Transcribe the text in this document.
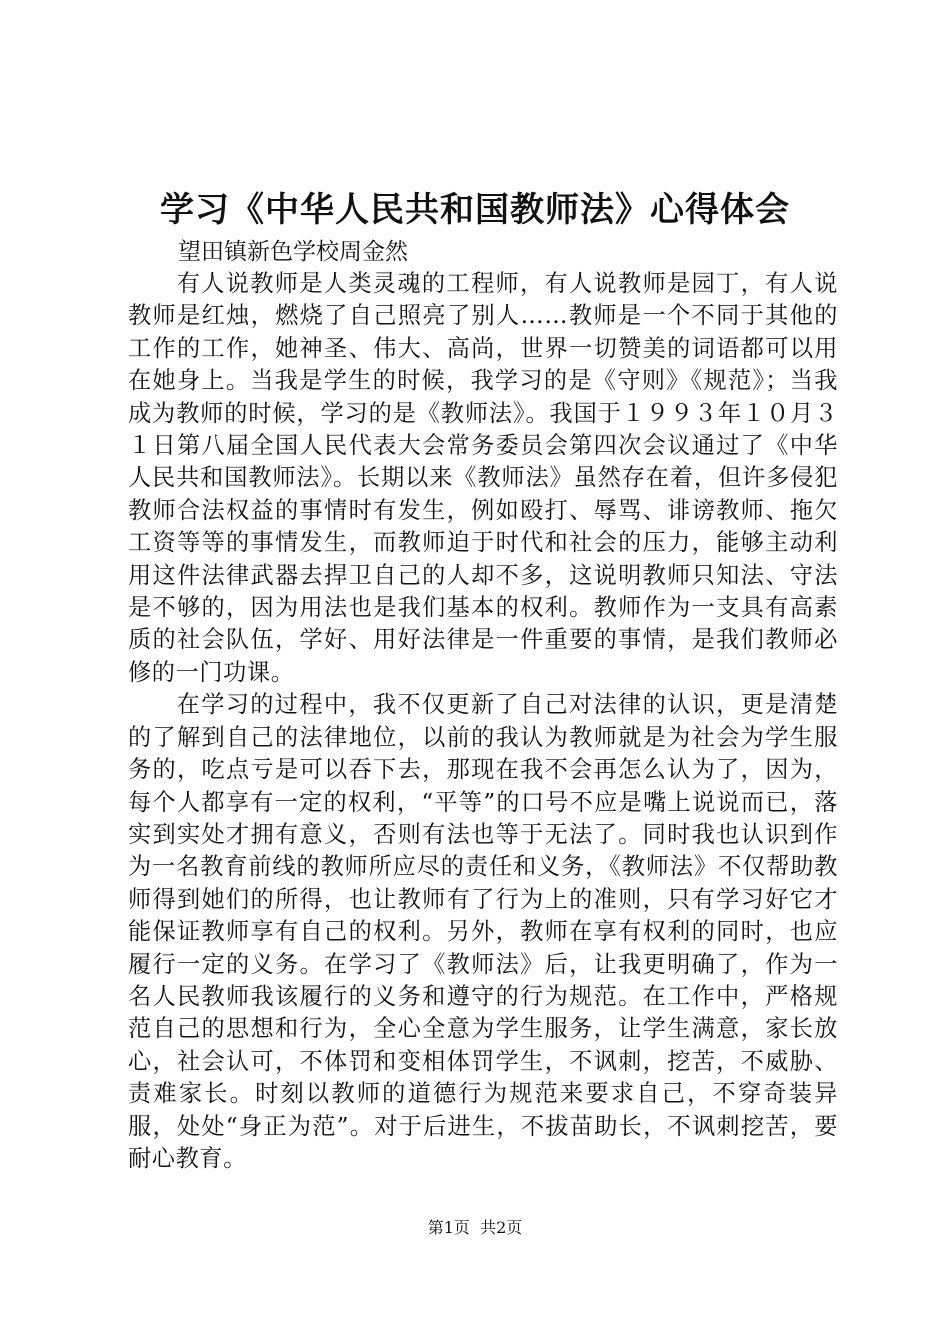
学习《中华人民共和国教师法》心得体会

望田镇新色学校周金然

有人说教师是人类灵魂的工程师，有人说教师是园丁，有人说教师是红烛，燃烧了自己照亮了别人……教师是一个不同于其他的工作的工作，她神圣、伟大、高尚，世界一切赞美的词语都可以用在她身上。当我是学生的时候，我学习的是《守则》《规范》；当我成为教师的时候，学习的是《教师法》。我国于１９９３年１０月３１日第八届全国人民代表大会常务委员会第四次会议通过了《中华人民共和国教师法》。长期以来《教师法》虽然存在着，但许多侵犯教师合法权益的事情时有发生，例如殴打、辱骂、诽谤教师、拖欠工资等等的事情发生，而教师迫于时代和社会的压力，能够主动利用这件法律武器去捍卫自己的人却不多，这说明教师只知法、守法是不够的，因为用法也是我们基本的权利。教师作为一支具有高素质的社会队伍，学好、用好法律是一件重要的事情，是我们教师必修的一门功课。

在学习的过程中，我不仅更新了自己对法律的认识，更是清楚的了解到自己的法律地位，以前的我认为教师就是为社会为学生服务的，吃点亏是可以吞下去，那现在我不会再怎么认为了，因为，每个人都享有一定的权利，“平等”的口号不应是嘴上说说而已，落实到实处才拥有意义，否则有法也等于无法了。同时我也认识到作为一名教育前线的教师所应尽的责任和义务，《教师法》不仅帮助教师得到她们的所得，也让教师有了行为上的准则，只有学习好它才能保证教师享有自己的权利。另外，教师在享有权利的同时，也应履行一定的义务。在学习了《教师法》后，让我更明确了，作为一名人民教师我该履行的义务和遵守的行为规范。在工作中，严格规范自己的思想和行为，全心全意为学生服务，让学生满意，家长放心，社会认可，不体罚和变相体罚学生，不讽刺，挖苦，不威胁、责难家长。时刻以教师的道德行为规范来要求自己，不穿奇装异服，处处“身正为范”。对于后进生，不拔苗助长，不讽刺挖苦，要耐心教育。

第1页  共2页
